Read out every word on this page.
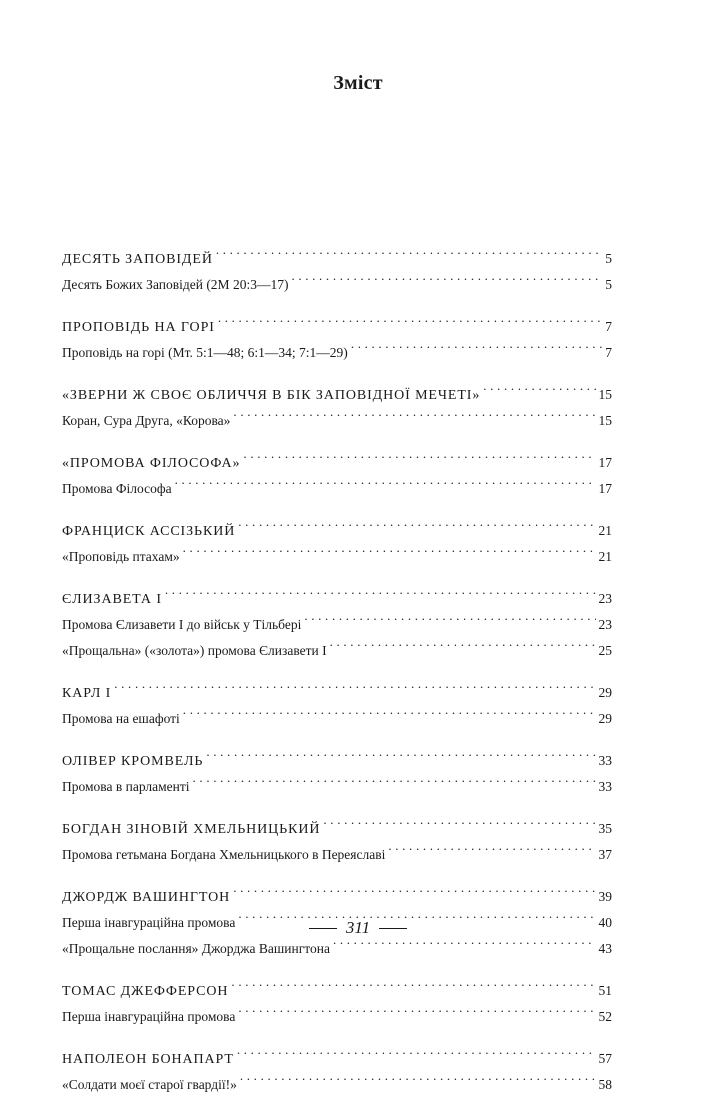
Зміст
ДЕСЯТЬ ЗАПОВІДЕЙ . . .	5
Десять Божих Заповідей (2М 20:3—17) . . .	5
ПРОПОВІДЬ НА ГОРІ . . .	7
Проповідь на горі (Мт. 5:1—48; 6:1—34; 7:1—29) . . .	7
«ЗВЕРНИ Ж СВОЄ ОБЛИЧЧЯ В БІК ЗАПОВІДНОЇ МЕЧЕТІ» . . .	15
Коран, Сура Друга, «Корова» . . .	15
«ПРОМОВА ФІЛОСОФА» . . .	17
Промова Філософа . . .	17
ФРАНЦИСК АССІЗЬКИЙ . . .	21
«Проповідь птахам» . . .	21
ЄЛИЗАВЕТА І . . .	23
Промова Єлизавети І до військ у Тільбері . . .	23
«Прощальна» («золота») промова Єлизавети І . . .	25
КАРЛ І . . .	29
Промова на ешафоті . . .	29
ОЛІВЕР КРОМВЕЛЬ . . .	33
Промова в парламенті . . .	33
БОГДАН ЗІНОВІЙ ХМЕЛЬНИЦЬКИЙ . . .	35
Промова гетьмана Богдана Хмельницького в Переяславі . . .	37
ДЖОРДЖ ВАШИНГТОН . . .	39
Перша інавгураційна промова . . .	40
«Прощальне послання» Джорджа Вашингтона . . .	43
ТОМАС ДЖЕФФЕРСОН . . .	51
Перша інавгураційна промова . . .	52
НАПОЛЕОН БОНАПАРТ . . .	57
«Солдати моєї старої гвардії!» . . .	58
311
